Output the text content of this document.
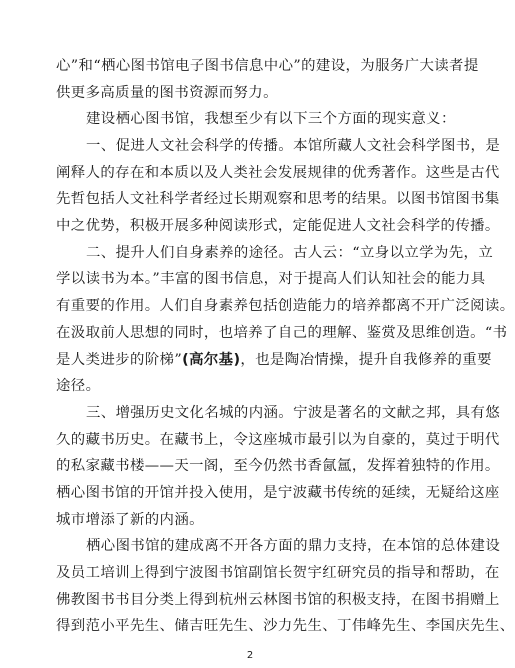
心”和“栖心图书馆电子图书信息中心”的建设，为服务广大读者提
供更多高质量的图书资源而努力。
建设栖心图书馆，我想至少有以下三个方面的现实意义：
一、促进人文社会科学的传播。本馆所藏人文社会科学图书，是
阐释人的存在和本质以及人类社会发展规律的优秀著作。这些是古代
先哲包括人文社科学者经过长期观察和思考的结果。以图书馆图书集
中之优势，积极开展多种阅读形式，定能促进人文社会科学的传播。
二、提升人们自身素养的途径。古人云：“立身以立学为先，立
学以读书为本。”丰富的图书信息，对于提高人们认知社会的能力具
有重要的作用。人们自身素养包括创造能力的培养都离不开广泛阅读。
在汲取前人思想的同时，也培养了自己的理解、鉴赏及思维创造。“书
是人类进步的阶梯”(高尔基)，也是陶冶情操，提升自我修养的重要
途径。
三、增强历史文化名城的内涵。宁波是著名的文献之邦，具有悠
久的藏书历史。在藏书上，令这座城市最引以为自豪的，莫过于明代
的私家藏书楼——天一阁，至今仍然书香氤氲，发挥着独特的作用。
栖心图书馆的开馆并投入使用，是宁波藏书传统的延续，无疑给这座
城市增添了新的内涵。
栖心图书馆的建成离不开各方面的鼎力支持，在本馆的总体建设
及员工培训上得到宁波图书馆副馆长贺宇红研究员的指导和帮助，在
佛教图书书目分类上得到杭州云林图书馆的积极支持，在图书捐赠上
得到范小平先生、储吉旺先生、沙力先生、丁伟峰先生、李国庆先生、
2
